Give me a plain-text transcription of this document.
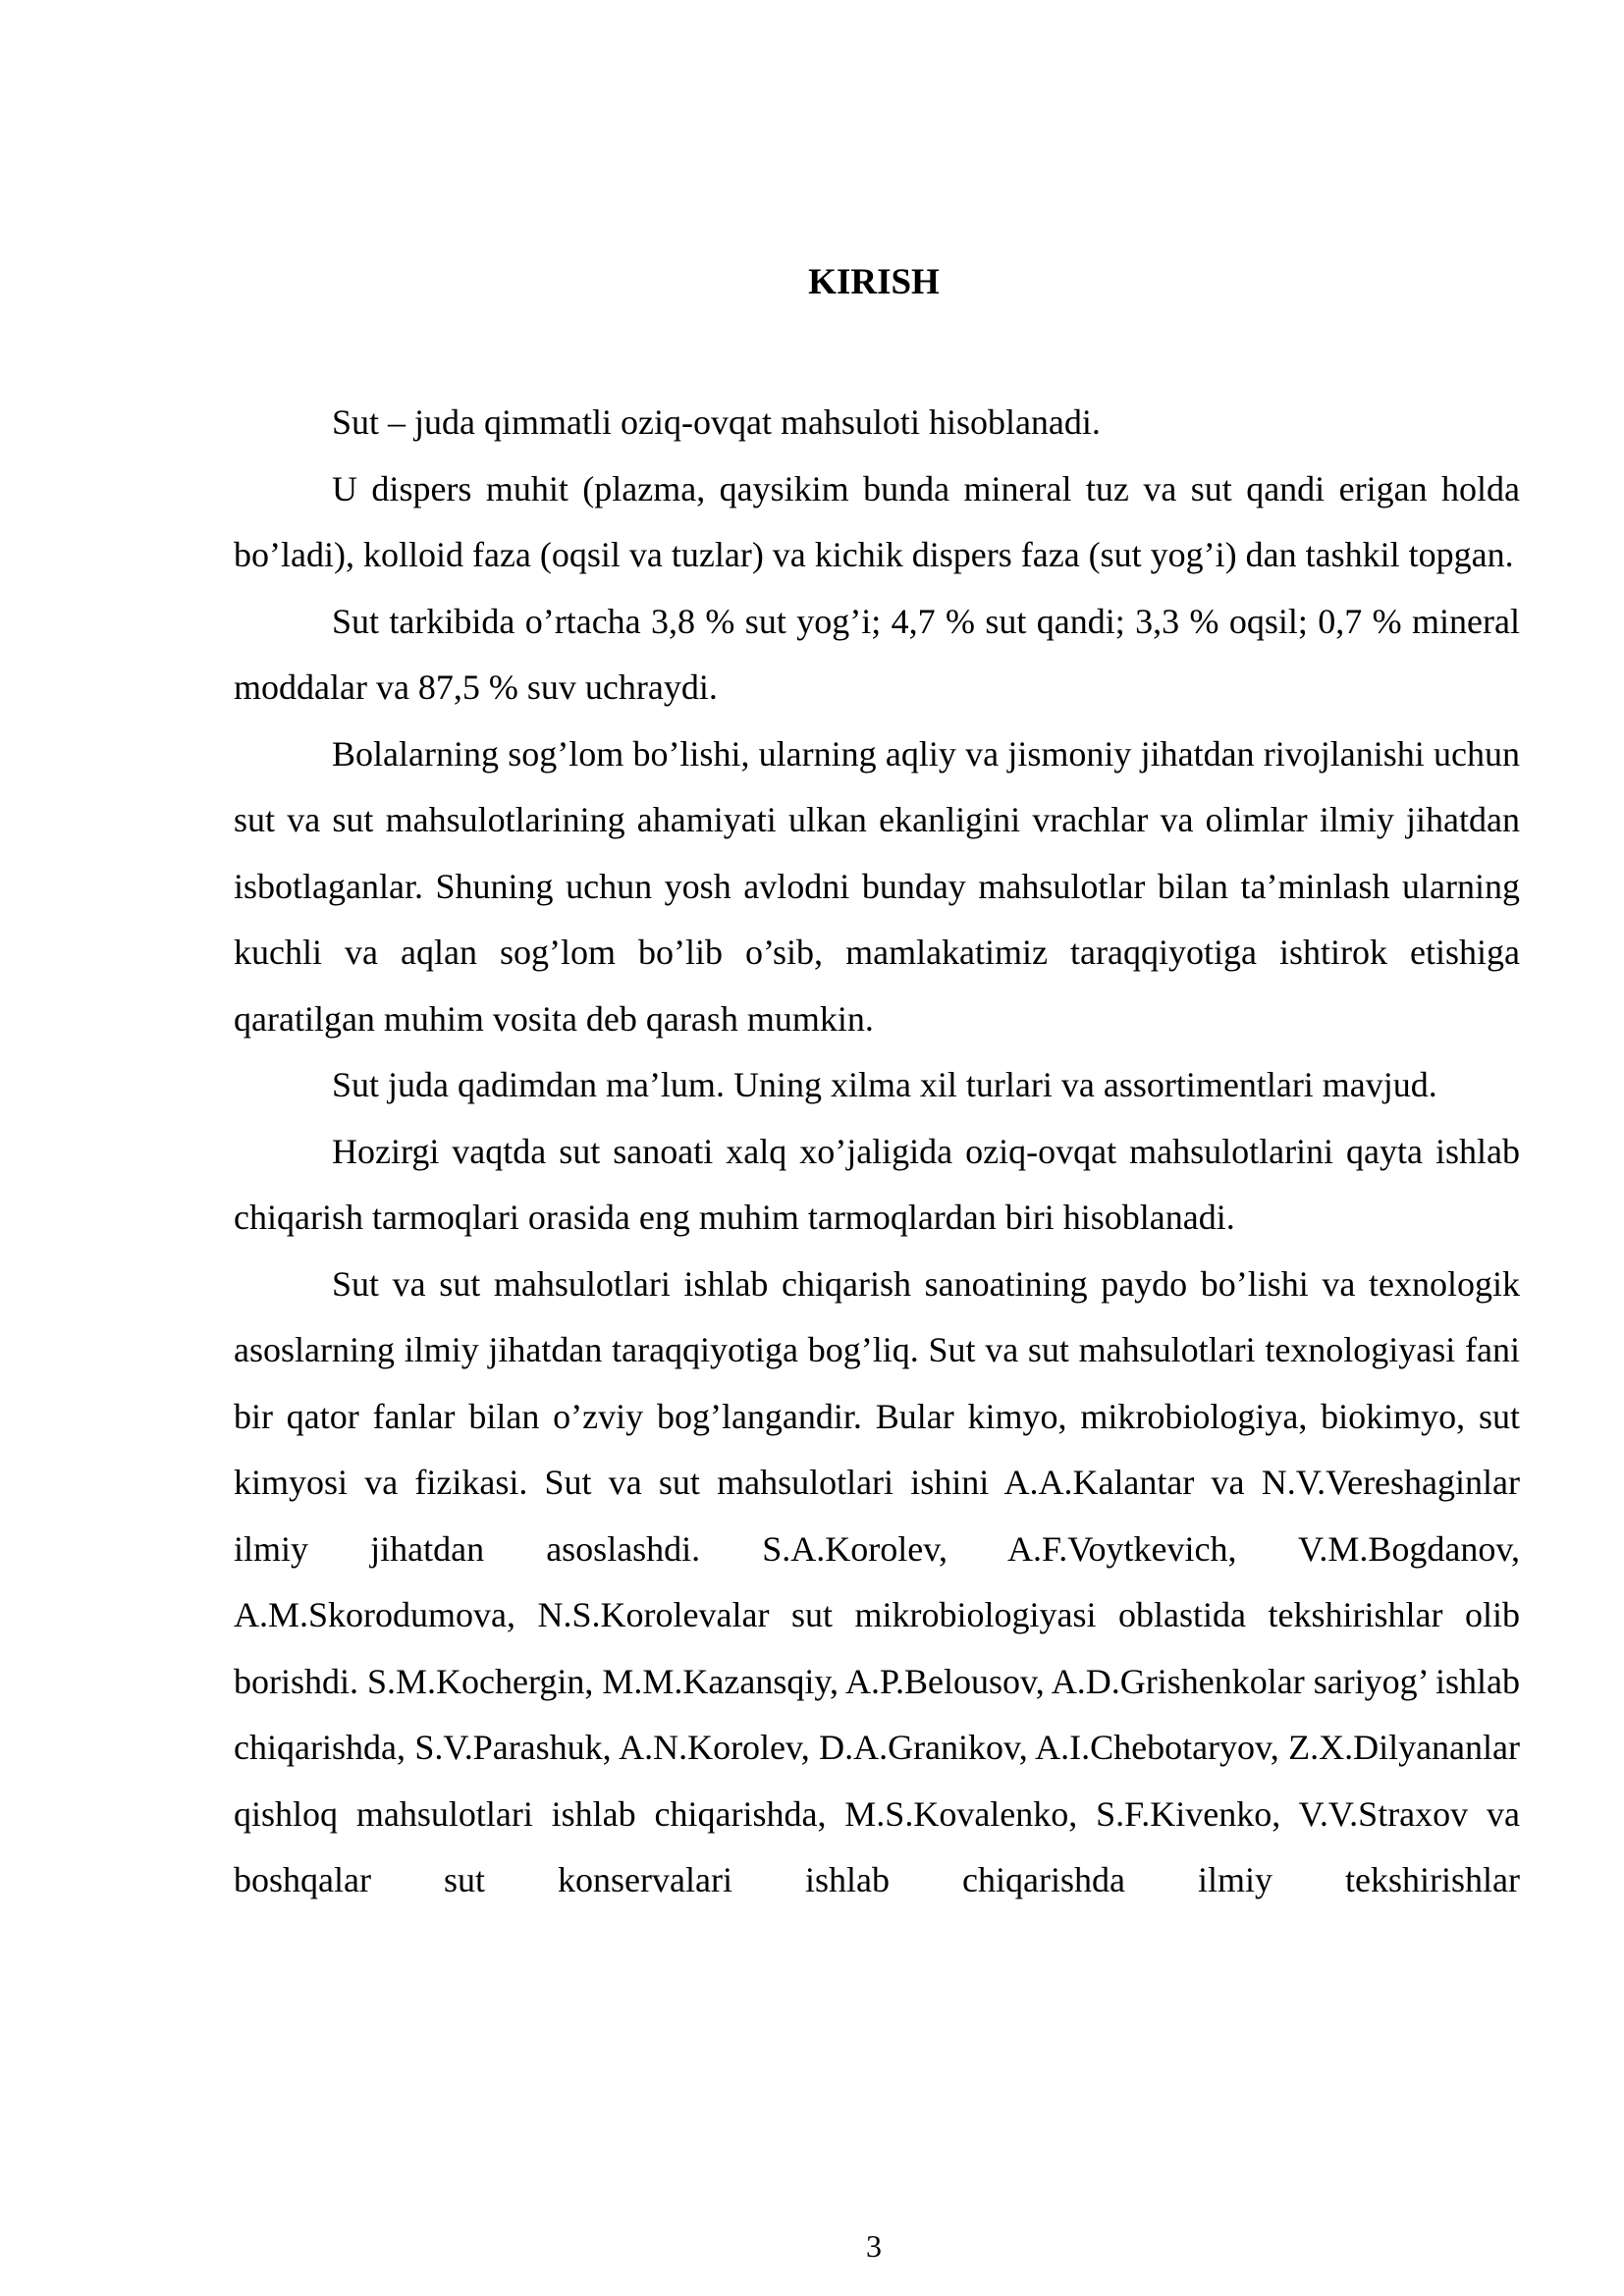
KIRISH

Sut – juda qimmatli oziq-ovqat mahsuloti hisoblanadi.

U dispers muhit (plazma, qaysikim bunda mineral tuz va sut qandi erigan holda bo’ladi), kolloid faza (oqsil va tuzlar) va kichik dispers faza (sut yog’i) dan tashkil topgan.

Sut tarkibida o’rtacha 3,8 % sut yog’i; 4,7 % sut qandi; 3,3 % oqsil; 0,7 % mineral moddalar va 87,5 % suv uchraydi.

Bolalarning sog’lom bo’lishi, ularning aqliy va jismoniy jihatdan rivojlanishi uchun sut va sut mahsulotlarining ahamiyati ulkan ekanligini vrachlar va olimlar ilmiy jihatdan isbotlaganlar. Shuning uchun yosh avlodni bunday mahsulotlar bilan ta’minlash ularning kuchli va aqlan sog’lom bo’lib o’sib, mamlakatimiz taraqqiyotiga ishtirok etishiga qaratilgan muhim vosita deb qarash mumkin.

Sut juda qadimdan ma’lum. Uning xilma xil turlari va assortimentlari mavjud.

Hozirgi vaqtda sut sanoati xalq xo’jaligida oziq-ovqat mahsulotlarini qayta ishlab chiqarish tarmoqlari orasida eng muhim tarmoqlardan biri hisoblanadi.

Sut va sut mahsulotlari ishlab chiqarish sanoatining paydo bo’lishi va texnologik asoslarning ilmiy jihatdan taraqqiyotiga bog’liq. Sut va sut mahsulotlari texnologiyasi fani bir qator fanlar bilan o’zviy bog’langandir. Bular kimyo, mikrobiologiya, biokimyo, sut kimyosi va fizikasi. Sut va sut mahsulotlari ishini A.A.Kalantar va N.V.Vereshaginlar ilmiy jihatdan asoslashdi. S.A.Korolev, A.F.Voytkevich, V.M.Bogdanov, A.M.Skorodumova, N.S.Korolevalar sut mikrobiologiyasi oblastida tekshirishlar olib borishdi. S.M.Kochergin, M.M.Kazansqiy, A.P.Belousov, A.D.Grishenkolar sariyog’ ishlab chiqarishda, S.V.Parashuk, A.N.Korolev, D.A.Granikov, A.I.Chebotaryov, Z.X.Dilyananlar qishloq mahsulotlari ishlab chiqarishda, M.S.Kovalenko, S.F.Kivenko, V.V.Straxov va boshqalar sut konservalari ishlab chiqarishda ilmiy tekshirishlar

3
